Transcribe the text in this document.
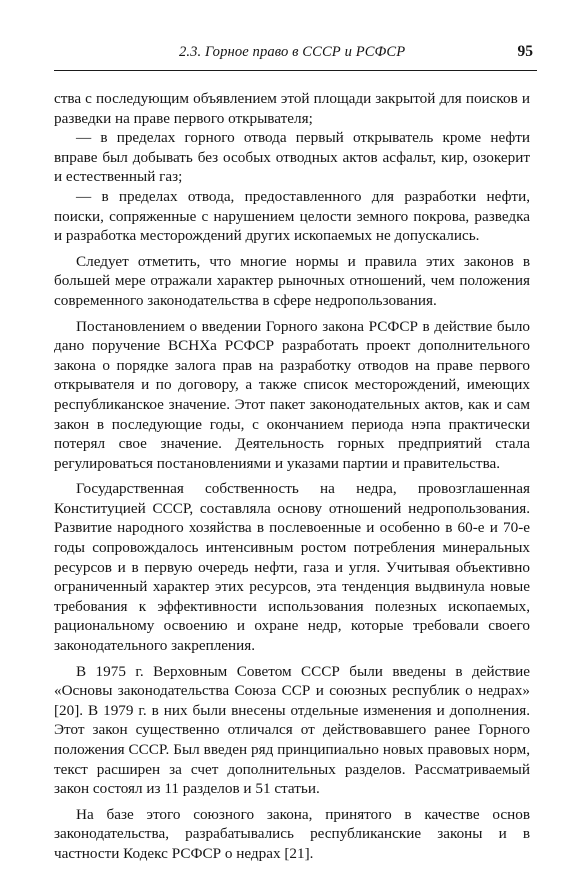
2.3. Горное право в СССР и РСФСР	95

ства с последующим объявлением этой площади закрытой для поисков и разведки на праве первого открывателя;

— в пределах горного отвода первый открыватель кроме нефти вправе был добывать без особых отводных актов асфальт, кир, озокерит и естественный газ;

— в пределах отвода, предоставленного для разработки нефти, поиски, сопряженные с нарушением целости земного покрова, разведка и разработка месторождений других ископаемых не допускались.

Следует отметить, что многие нормы и правила этих законов в большей мере отражали характер рыночных отношений, чем положения современного законодательства в сфере недропользования.

Постановлением о введении Горного закона РСФСР в действие было дано поручение ВСНХа РСФСР разработать проект дополнительного закона о порядке залога прав на разработку отводов на праве первого открывателя и по договору, а также список месторождений, имеющих республиканское значение. Этот пакет законодательных актов, как и сам закон в последующие годы, с окончанием периода нэпа практически потерял свое значение. Деятельность горных предприятий стала регулироваться постановлениями и указами партии и правительства.

Государственная собственность на недра, провозглашенная Конституцией СССР, составляла основу отношений недропользования. Развитие народного хозяйства в послевоенные и особенно в 60-е и 70-е годы сопровождалось интенсивным ростом потребления минеральных ресурсов и в первую очередь нефти, газа и угля. Учитывая объективно ограниченный характер этих ресурсов, эта тенденция выдвинула новые требования к эффективности использования полезных ископаемых, рациональному освоению и охране недр, которые требовали своего законодательного закрепления.

В 1975 г. Верховным Советом СССР были введены в действие «Основы законодательства Союза ССР и союзных республик о недрах» [20]. В 1979 г. в них были внесены отдельные изменения и дополнения. Этот закон существенно отличался от действовавшего ранее Горного положения СССР. Был введен ряд принципиально новых правовых норм, текст расширен за счет дополнительных разделов. Рассматриваемый закон состоял из 11 разделов и 51 статьи.

На базе этого союзного закона, принятого в качестве основ законодательства, разрабатывались республиканские законы и в частности Кодекс РСФСР о недрах [21].
